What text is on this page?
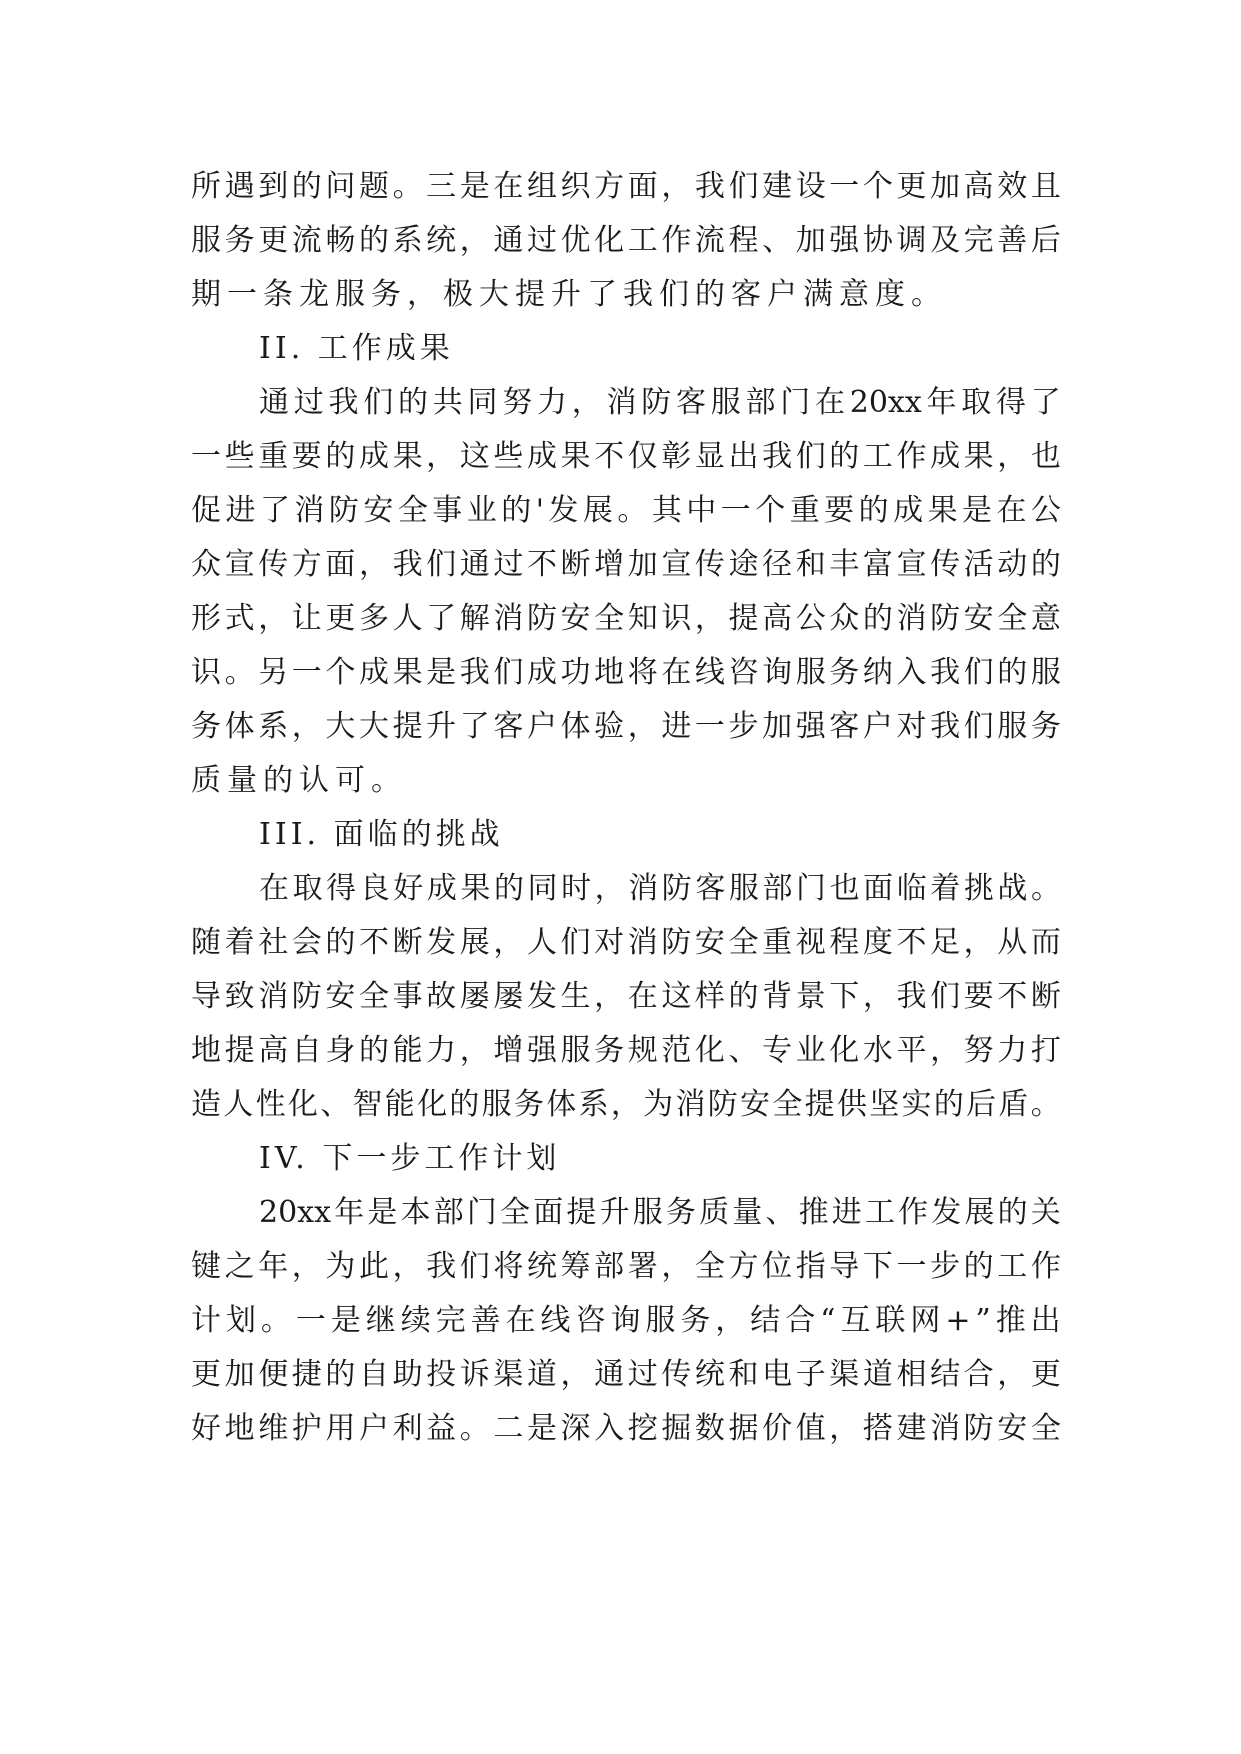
所 遇 到 的 问 题 。 三 是 在 组 织 方 面 ， 我 们 建 设 一 个 更 加 高 效 且
服 务 更 流 畅 的 系 统 ， 通 过 优 化 工 作 流 程 、 加 强 协 调 及 完 善 后
期一条龙服务，极大提升了我们的客户满意度。
II. 工作成果
通 过 我 们 的 共 同 努 力 ， 消 防 客 服 部 门 在 20xx 年 取 得 了
一 些 重 要 的 成 果 ， 这 些 成 果 不 仅 彰 显 出 我 们 的 工 作 成 果 ， 也
促 进 了 消 防 安 全 事 业 的 ' 发 展 。 其 中 一 个 重 要 的 成 果 是 在 公
众 宣 传 方 面 ， 我 们 通 过 不 断 增 加 宣 传 途 径 和 丰 富 宣 传 活 动 的
形 式 ， 让 更 多 人 了 解 消 防 安 全 知 识 ， 提 高 公 众 的 消 防 安 全 意
识 。 另 一 个 成 果 是 我 们 成 功 地 将 在 线 咨 询 服 务 纳 入 我 们 的 服
务 体 系 ， 大 大 提 升 了 客 户 体 验 ， 进 一 步 加 强 客 户 对 我 们 服 务
质量的认可。
III. 面临的挑战
在 取 得 良 好 成 果 的 同 时 ， 消 防 客 服 部 门 也 面 临 着 挑 战 。
随 着 社 会 的 不 断 发 展 ， 人 们 对 消 防 安 全 重 视 程 度 不 足 ， 从 而
导 致 消 防 安 全 事 故 屡 屡 发 生 ， 在 这 样 的 背 景 下 ， 我 们 要 不 断
地 提 高 自 身 的 能 力 ， 增 强 服 务 规 范 化 、 专 业 化 水 平 ， 努 力 打
造 人 性 化 、 智 能 化 的 服 务 体 系 ， 为 消 防 安 全 提 供 坚 实 的 后 盾 。
IV. 下一步工作计划
20xx 年 是 本 部 门 全 面 提 升 服 务 质 量 、 推 进 工 作 发 展 的 关
键 之 年 ， 为 此 ， 我 们 将 统 筹 部 署 ， 全 方 位 指 导 下 一 步 的 工 作
计 划 。 一 是 继 续 完 善 在 线 咨 询 服 务 ， 结 合 “ 互 联 网 + ” 推 出
更 加 便 捷 的 自 助 投 诉 渠 道 ， 通 过 传 统 和 电 子 渠 道 相 结 合 ， 更
好 地 维 护 用 户 利 益 。 二 是 深 入 挖 掘 数 据 价 值 ， 搭 建 消 防 安 全
